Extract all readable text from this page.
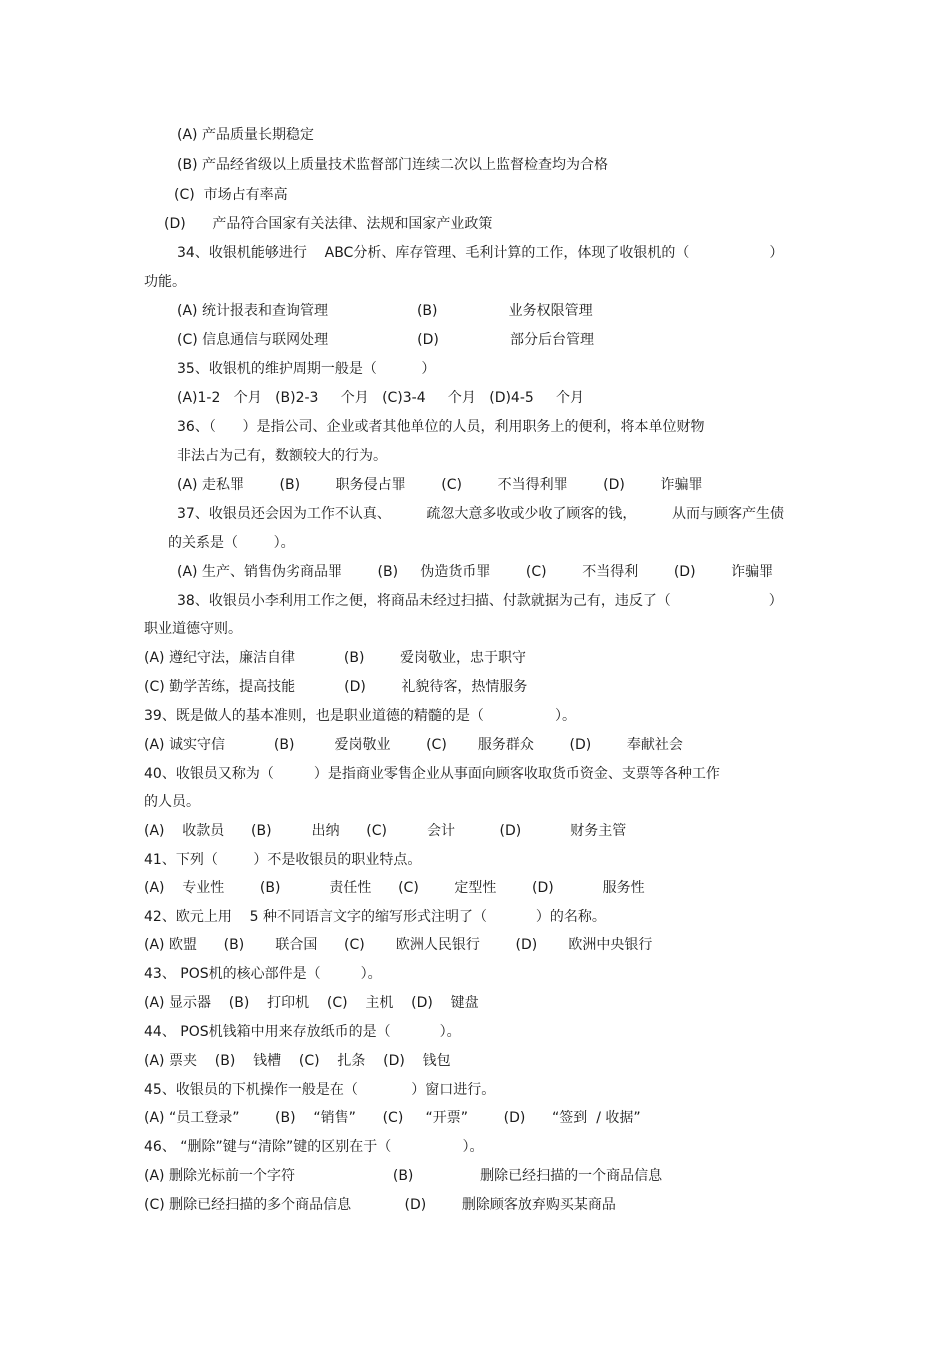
(A) 产品质量长期稳定
(B) 产品经省级以上质量技术监督部门连续二次以上监督检查均为合格
(C)  市场占有率高
(D)      产品符合国家有关法律、法规和国家产业政策
34、收银机能够进行    ABC分析、库存管理、毛利计算的工作，体现了收银机的（                  ）
功能。
(A) 统计报表和查询管理                    (B)                业务权限管理
(C) 信息通信与联网处理                    (D)                部分后台管理
35、收银机的维护周期一般是（          ）
(A)1-2   个月   (B)2-3     个月   (C)3-4     个月   (D)4-5     个月
36、（      ）是指公司、企业或者其他单位的人员，利用职务上的便利，将本单位财物
非法占为己有，数额较大的行为。
(A) 走私罪        (B)        职务侵占罪        (C)        不当得利罪        (D)        诈骗罪
37、收银员还会因为工作不认真、        疏忽大意多收或少收了顾客的钱，        从而与顾客产生债
的关系是（        ）。
(A) 生产、销售伪劣商品罪        (B)     伪造货币罪        (C)        不当得利        (D)        诈骗罪
38、收银员小李利用工作之便，将商品未经过扫描、付款就据为己有，违反了（                      ）
职业道德守则。
(A) 遵纪守法，廉洁自律           (B)        爱岗敬业，忠于职守
(C) 勤学苦练，提高技能           (D)        礼貌待客，热情服务
39、既是做人的基本准则，也是职业道德的精髓的是（                ）。
(A) 诚实守信           (B)         爱岗敬业        (C)       服务群众        (D)        奉献社会
40、收银员又称为（         ）是指商业零售企业从事面向顾客收取货币资金、支票等各种工作
的人员。
(A)    收款员      (B)         出纳      (C)         会计          (D)           财务主管
41、下列（        ）不是收银员的职业特点。
(A)    专业性        (B)           责任性      (C)        定型性        (D)           服务性
42、欧元上用    5 种不同语言文字的缩写形式注明了（           ）的名称。
(A) 欧盟      (B)       联合国      (C)       欧洲人民银行        (D)       欧洲中央银行
43、 POS机的核心部件是（         ）。
(A) 显示器    (B)    打印机    (C)    主机    (D)    键盘
44、 POS机钱箱中用来存放纸币的是（           ）。
(A) 票夹    (B)    钱槽    (C)    扎条    (D)    钱包
45、收银员的下机操作一般是在（            ）窗口进行。
(A) “员工登录”        (B)    “销售”      (C)     “开票”        (D)      “签到  / 收据”
46、 “删除”键与“清除”键的区别在于（                ）。
(A) 删除光标前一个字符                      (B)               删除已经扫描的一个商品信息
(C) 删除已经扫描的多个商品信息            (D)        删除顾客放弃购买某商品
